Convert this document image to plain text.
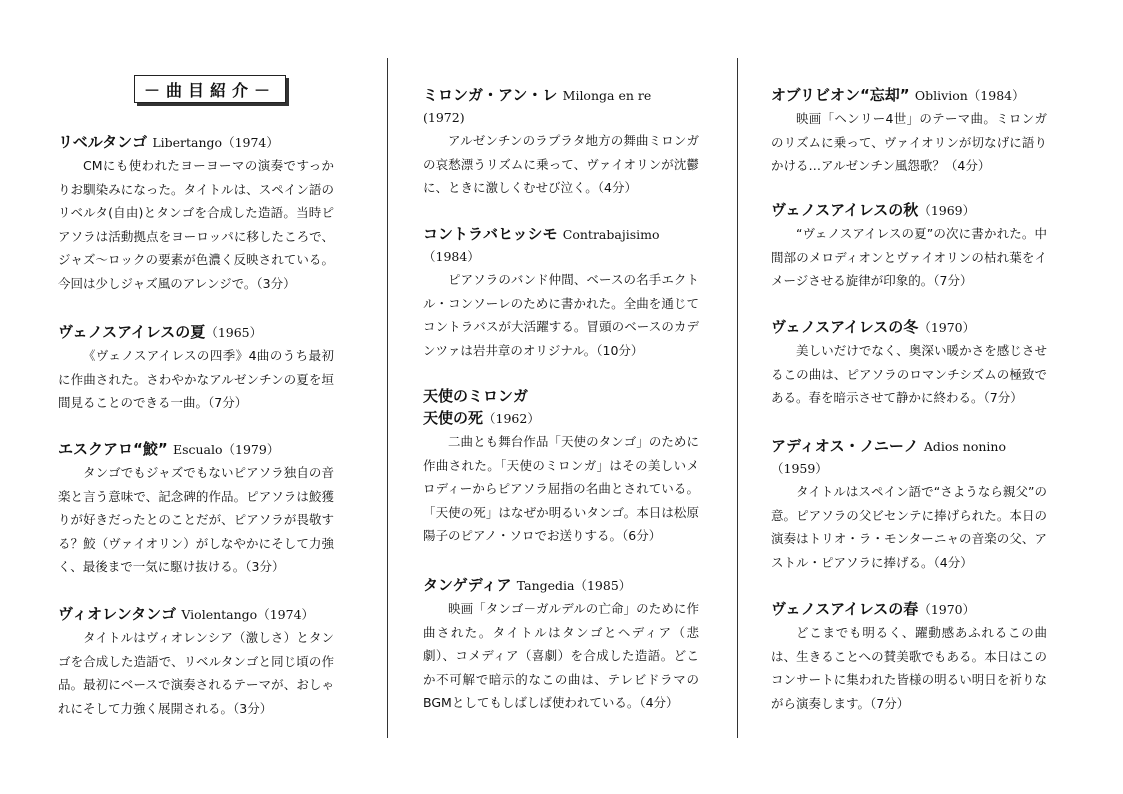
－曲目紹介－

リベルタンゴ Libertango（1974）

CMにも使われたヨーヨーマの演奏ですっかりお馴染みになった。タイトルは、スペイン語のリベルタ(自由)とタンゴを合成した造語。当時ピアソラは活動拠点をヨーロッパに移したころで、ジャズ～ロックの要素が色濃く反映されている。今回は少しジャズ風のアレンジで。（3分）

ヴェノスアイレスの夏（1965）

《ヴェノスアイレスの四季》4曲のうち最初に作曲された。さわやかなアルゼンチンの夏を垣間見ることのできる一曲。（7分）

エスクアロ“鮫” Escualo（1979）

タンゴでもジャズでもないピアソラ独自の音楽と言う意味で、記念碑的作品。ピアソラは鮫獲りが好きだったとのことだが、ピアソラが畏敬する？鮫（ヴァイオリン）がしなやかにそして力強く、最後まで一気に駆け抜ける。（3分）

ヴィオレンタンゴ Violentango（1974）

タイトルはヴィオレンシア（激しさ）とタンゴを合成した造語で、リベルタンゴと同じ頃の作品。最初にベースで演奏されるテーマが、おしゃれにそして力強く展開される。（3分）

ミロンガ・アン・レ Milonga en re

(1972)

アルゼンチンのラプラタ地方の舞曲ミロンガの哀愁漂うリズムに乗って、ヴァイオリンが沈鬱に、ときに激しくむせび泣く。（4分）

コントラバヒッシモ Contrabajisimo

（1984）

ピアソラのバンド仲間、ベースの名手エクトル・コンソーレのために書かれた。全曲を通じてコントラバスが大活躍する。冒頭のベースのカデンツァは岩井章のオリジナル。（10分）

天使のミロンガ

天使の死（1962）

二曲とも舞台作品「天使のタンゴ」のために作曲された。「天使のミロンガ」はその美しいメロディーからピアソラ屈指の名曲とされている。「天使の死」はなぜか明るいタンゴ。本日は松原陽子のピアノ・ソロでお送りする。（6分）

タンゲディア Tangedia（1985）

映画「タンゴ－ガルデルの亡命」のために作曲された。タイトルはタンゴとヘディア（悲劇）、コメディア（喜劇）を合成した造語。どこか不可解で暗示的なこの曲は、テレビドラマのBGMとしてもしばしば使われている。（4分）

オブリビオン“忘却” Oblivion（1984）

映画「ヘンリー4世」のテーマ曲。ミロンガのリズムに乗って、ヴァイオリンが切なげに語りかける…アルゼンチン風怨歌？（4分）

ヴェノスアイレスの秋（1969）

“ヴェノスアイレスの夏”の次に書かれた。中間部のメロディオンとヴァイオリンの枯れ葉をイメージさせる旋律が印象的。（7分）

ヴェノスアイレスの冬（1970）

美しいだけでなく、奥深い暖かさを感じさせるこの曲は、ピアソラのロマンチシズムの極致である。春を暗示させて静かに終わる。（7分）

アディオス・ノニーノ Adios nonino

（1959）

タイトルはスペイン語で“さようなら親父”の意。ピアソラの父ビセンテに捧げられた。本日の演奏はトリオ・ラ・モンターニャの音楽の父、アストル・ピアソラに捧げる。（4分）

ヴェノスアイレスの春（1970）

どこまでも明るく、躍動感あふれるこの曲は、生きることへの賛美歌でもある。本日はこのコンサートに集われた皆様の明るい明日を祈りながら演奏します。（7分）
